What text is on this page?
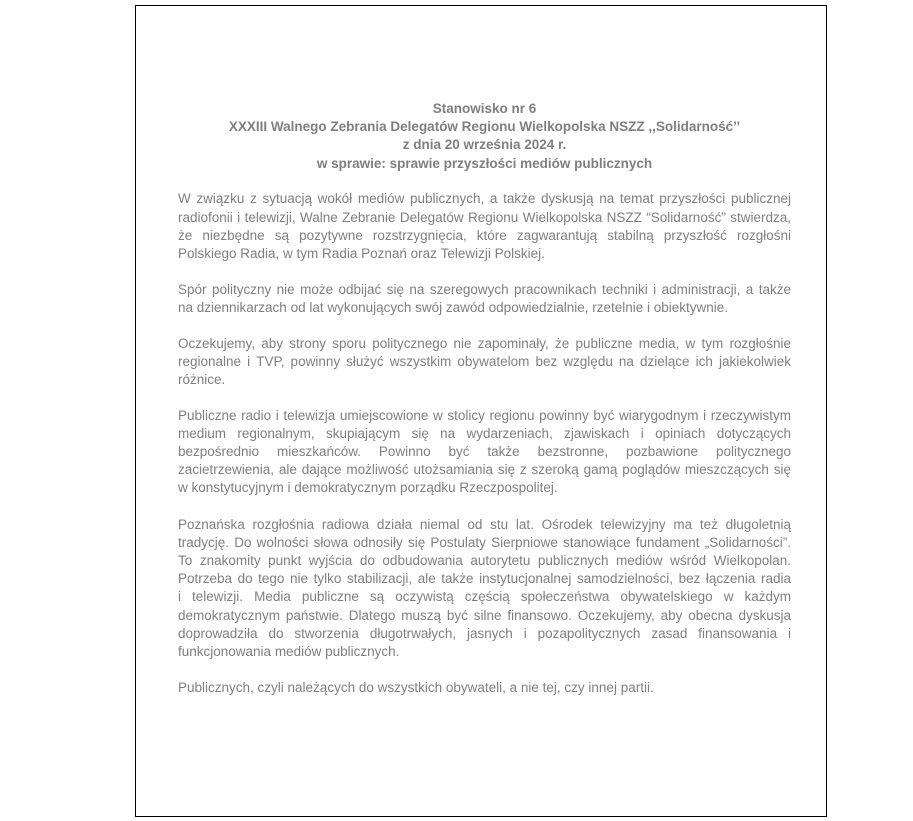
Stanowisko nr 6
XXXIII Walnego Zebrania Delegatów Regionu Wielkopolska NSZZ ,,Solidarność’’
z dnia 20 września 2024 r.
w sprawie: sprawie przyszłości mediów publicznych

W związku z sytuacją wokół mediów publicznych, a także dyskusją na temat przyszłości publicznej radiofonii i telewizji, Walne Zebranie Delegatów Regionu Wielkopolska NSZZ “Solidarność” stwierdza, że niezbędne są pozytywne rozstrzygnięcia, które zagwarantują stabilną przyszłość rozgłośni Polskiego Radia, w tym Radia Poznań oraz Telewizji Polskiej.

Spór polityczny nie może odbijać się na szeregowych pracownikach techniki i administracji, a także na dziennikarzach od lat wykonujących swój zawód odpowiedzialnie, rzetelnie i obiektywnie.

Oczekujemy, aby strony sporu politycznego nie zapominały, że publiczne media, w tym rozgłośnie regionalne i TVP, powinny służyć wszystkim obywatelom bez względu na dzielące ich jakiekolwiek różnice.

Publiczne radio i telewizja umiejscowione w stolicy regionu powinny być wiarygodnym i rzeczywistym medium regionalnym, skupiającym się na wydarzeniach, zjawiskach i opiniach dotyczących bezpośrednio mieszkańców. Powinno być także bezstronne, pozbawione politycznego zacietrzewienia, ale dające możliwość utożsamiania się z szeroką gamą poglądów mieszczących się w konstytucyjnym i demokratycznym porządku Rzeczpospolitej.

Poznańska rozgłośnia radiowa działa niemal od stu lat. Ośrodek telewizyjny ma też długoletnią tradycję. Do wolności słowa odnosiły się Postulaty Sierpniowe stanowiące fundament „Solidarności”. To znakomity punkt wyjścia do odbudowania autorytetu publicznych mediów wśród Wielkopolan. Potrzeba do tego nie tylko stabilizacji, ale także instytucjonalnej samodzielności, bez łączenia radia i telewizji. Media publiczne są oczywistą częścią społeczeństwa obywatelskiego w każdym demokratycznym państwie. Dlatego muszą być silne finansowo. Oczekujemy, aby obecna dyskusja doprowadziła do stworzenia długotrwałych, jasnych i pozapolitycznych zasad finansowania i funkcjonowania mediów publicznych.

Publicznych, czyli należących do wszystkich obywateli, a nie tej, czy innej partii.
